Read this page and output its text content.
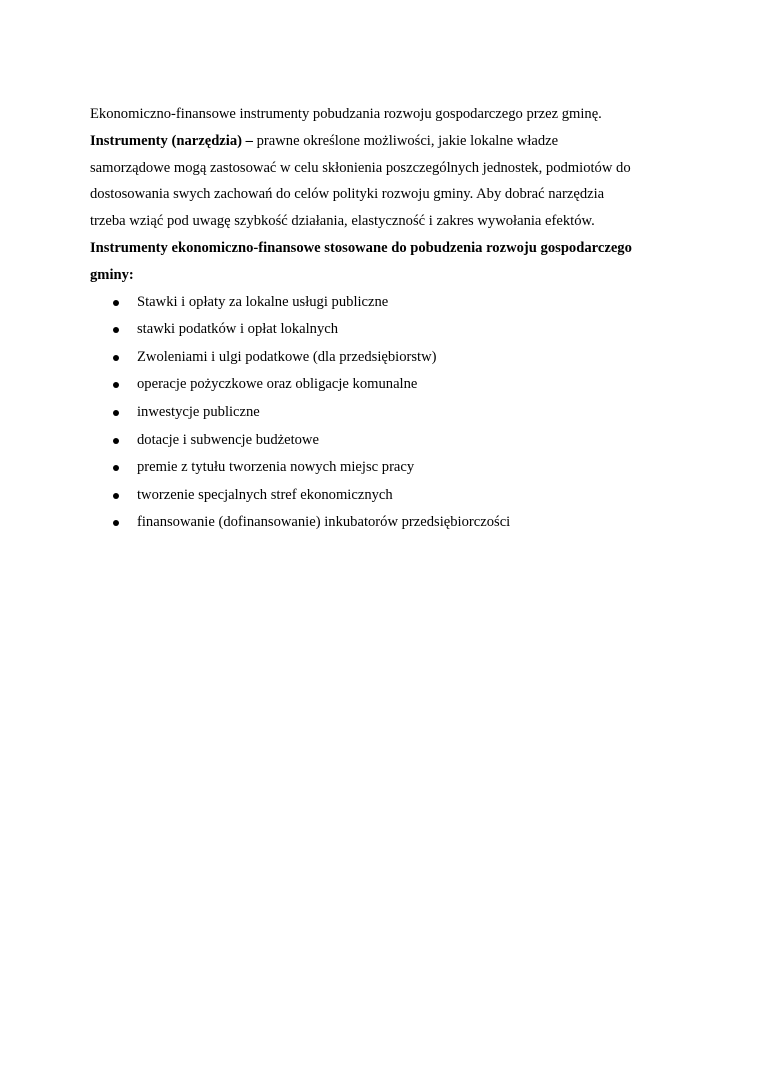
Ekonomiczno-finansowe instrumenty pobudzania rozwoju gospodarczego przez gminę.

Instrumenty (narzędzia) – prawne określone możliwości, jakie lokalne władze

samorządowe mogą zastosować w celu skłonienia poszczególnych jednostek, podmiotów do

dostosowania swych zachowań do celów polityki rozwoju gminy. Aby dobrać narzędzia

trzeba wziąć pod uwagę szybkość działania, elastyczność i zakres wywołania efektów.

Instrumenty ekonomiczno-finansowe stosowane do pobudzenia rozwoju gospodarczego

gminy:

Stawki i opłaty za lokalne usługi publiczne
stawki podatków i opłat lokalnych
Zwoleniami i ulgi podatkowe (dla przedsiębiorstw)
operacje pożyczkowe oraz obligacje komunalne
inwestycje publiczne
dotacje i subwencje budżetowe
premie z tytułu tworzenia nowych miejsc pracy
tworzenie specjalnych stref ekonomicznych
finansowanie (dofinansowanie) inkubatorów przedsiębiorczości
